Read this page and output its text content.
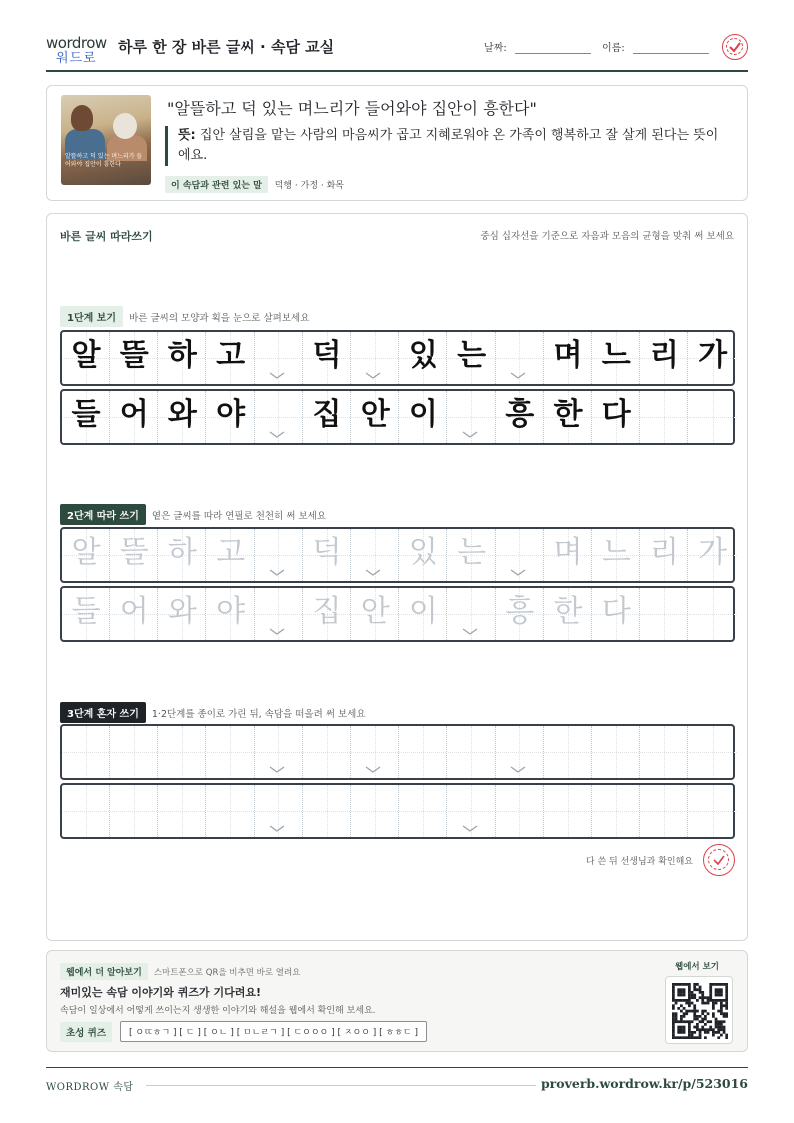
wordrow
워드로
하루 한 장 바른 글씨 · 속담 교실	날짜:	이름:
알뜰하고 덕 있는 며느리가 들어와야 집안이 흥한다
"알뜰하고 덕 있는 며느리가 들어와야 집안이 흥한다"
뜻: 집안 살림을 맡는 사람의 마음씨가 곱고 지혜로워야 온 가족이 행복하고 잘 살게 된다는 뜻이에요.
이 속담과 관련 있는 말 덕행 · 가정 · 화목
바른 글씨 따라쓰기	중심 십자선을 기준으로 자음과 모음의 균형을 맞춰 써 보세요
1단계 보기 바른 글씨의 모양과 획을 눈으로 살펴보세요
알 뜰 하 고	덕	있 는	며 느 리 가
들 어 와 야	집 안 이	흥 한 다
2단계 따라 쓰기 옅은 글씨를 따라 연필로 천천히 써 보세요
알 뜰 하 고	덕	있 는	며 느 리 가
들 어 와 야	집 안 이	흥 한 다
3단계 혼자 쓰기 1·2단계를 종이로 가린 뒤, 속담을 떠올려 써 보세요
다 쓴 뒤 선생님과 확인해요
웹에서 더 알아보기 스마트폰으로 QR을 비추면 바로 열려요
재미있는 속담 이야기와 퀴즈가 기다려요!
속담이 일상에서 어떻게 쓰이는지 생생한 이야기와 해설을 웹에서 확인해 보세요.
초성 퀴즈	[ ㅇㄸㅎㄱ ] [ ㄷ ] [ ㅇㄴ ] [ ㅁㄴㄹㄱ ] [ ㄷㅇㅇㅇ ] [ ㅈㅇㅇ ] [ ㅎㅎㄷ ]
웹에서 보기
WORDROW 속담	proverb.wordrow.kr/p/523016
